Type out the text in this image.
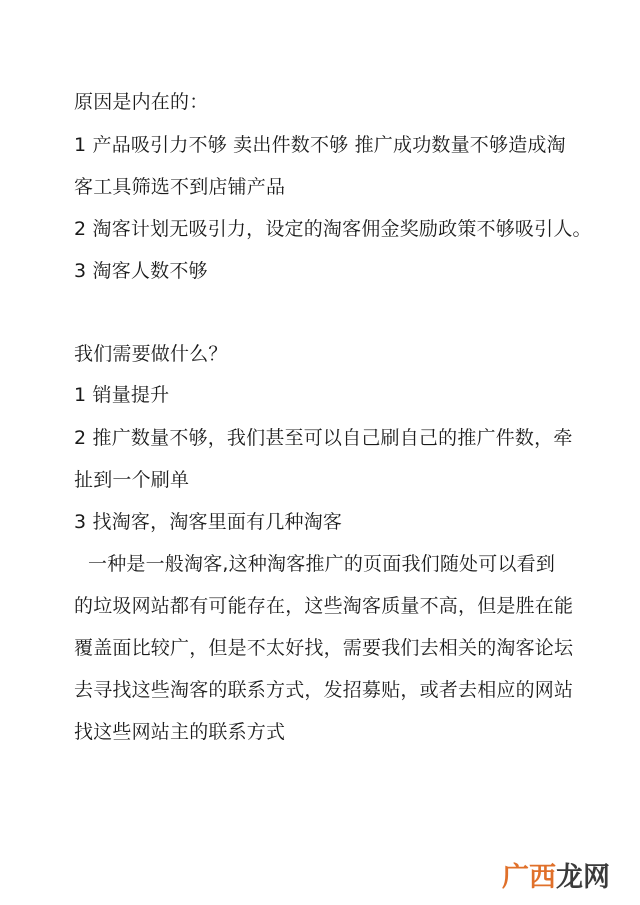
原因是内在的：
1 产品吸引力不够 卖出件数不够 推广成功数量不够造成淘
客工具筛选不到店铺产品
2 淘客计划无吸引力，设定的淘客佣金奖励政策不够吸引人。
3 淘客人数不够
我们需要做什么？
1 销量提升
2 推广数量不够，我们甚至可以自己刷自己的推广件数，牵
扯到一个刷单
3 找淘客，淘客里面有几种淘客
一种是一般淘客,这种淘客推广的页面我们随处可以看到
的垃圾网站都有可能存在，这些淘客质量不高，但是胜在能
覆盖面比较广，但是不太好找，需要我们去相关的淘客论坛
去寻找这些淘客的联系方式，发招募贴，或者去相应的网站
找这些网站主的联系方式
广西 龙网
